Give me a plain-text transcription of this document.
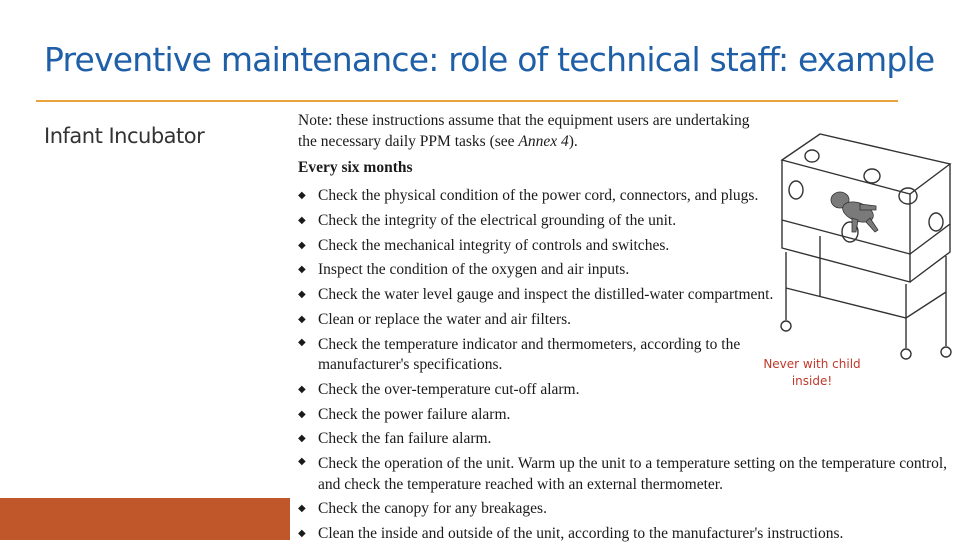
Preventive maintenance: role of technical staff: example
Infant Incubator
Note: these instructions assume that the equipment users are undertaking the necessary daily PPM tasks (see Annex 4).
Every six months
◆ Check the physical condition of the power cord, connectors, and plugs.
◆ Check the integrity of the electrical grounding of the unit.
◆ Check the mechanical integrity of controls and switches.
◆ Inspect the condition of the oxygen and air inputs.
◆ Check the water level gauge and inspect the distilled-water compartment.
◆ Clean or replace the water and air filters.
◆ Check the temperature indicator and thermometers, according to the
manufacturer's specifications.
◆ Check the over-temperature cut-off alarm.
◆ Check the power failure alarm.
◆ Check the fan failure alarm.
◆ Check the operation of the unit. Warm up the unit to a temperature setting on the temperature control,
and check the temperature reached with an external thermometer.
◆ Check the canopy for any breakages.
◆ Clean the inside and outside of the unit, according to the manufacturer's instructions.
Never with child inside!
